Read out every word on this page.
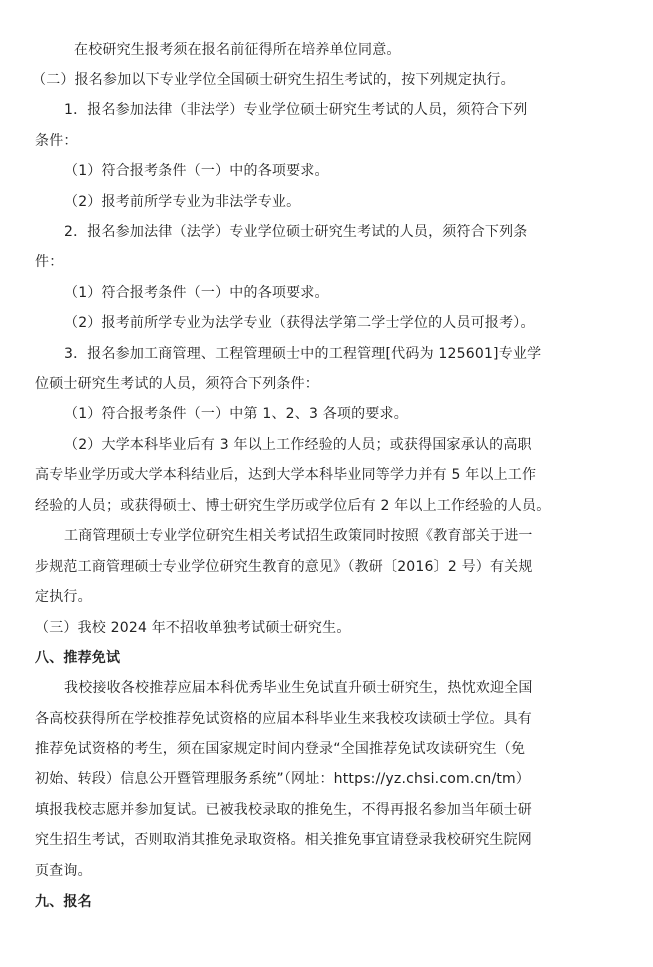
在校研究生报考须在报名前征得所在培养单位同意。
（二）报名参加以下专业学位全国硕士研究生招生考试的，按下列规定执行。
1．报名参加法律（非法学）专业学位硕士研究生考试的人员，须符合下列
条件：
（1）符合报考条件（一）中的各项要求。
（2）报考前所学专业为非法学专业。
2．报名参加法律（法学）专业学位硕士研究生考试的人员，须符合下列条
件：
（1）符合报考条件（一）中的各项要求。
（2）报考前所学专业为法学专业（获得法学第二学士学位的人员可报考）。
3．报名参加工商管理、工程管理硕士中的工程管理[代码为 125601]专业学
位硕士研究生考试的人员，须符合下列条件：
（1）符合报考条件（一）中第 1、2、3 各项的要求。
（2）大学本科毕业后有 3 年以上工作经验的人员；或获得国家承认的高职
高专毕业学历或大学本科结业后，达到大学本科毕业同等学力并有 5 年以上工作
经验的人员；或获得硕士、博士研究生学历或学位后有 2 年以上工作经验的人员。
工商管理硕士专业学位研究生相关考试招生政策同时按照《教育部关于进一
步规范工商管理硕士专业学位研究生教育的意见》（教研〔2016〕2 号）有关规
定执行。
（三）我校 2024 年不招收单独考试硕士研究生。
八、推荐免试
我校接收各校推荐应届本科优秀毕业生免试直升硕士研究生，热忱欢迎全国
各高校获得所在学校推荐免试资格的应届本科毕业生来我校攻读硕士学位。具有
推荐免试资格的考生，须在国家规定时间内登录“全国推荐免试攻读研究生（免
初始、转段）信息公开暨管理服务系统”（网址：https://yz.chsi.com.cn/tm）
填报我校志愿并参加复试。已被我校录取的推免生，不得再报名参加当年硕士研
究生招生考试，否则取消其推免录取资格。相关推免事宜请登录我校研究生院网
页查询。
九、报名
